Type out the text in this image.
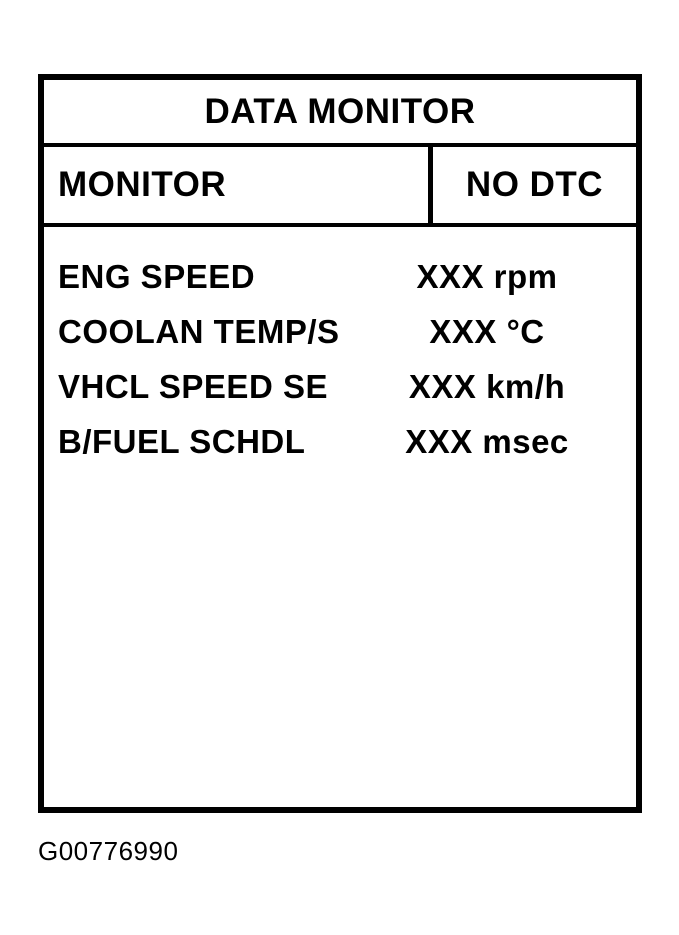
DATA MONITOR
MONITOR	NO DTC
ENG SPEED	XXX rpm
COOLAN TEMP/S	XXX °C
VHCL SPEED SE	XXX km/h
B/FUEL SCHDL	XXX msec
G00776990
